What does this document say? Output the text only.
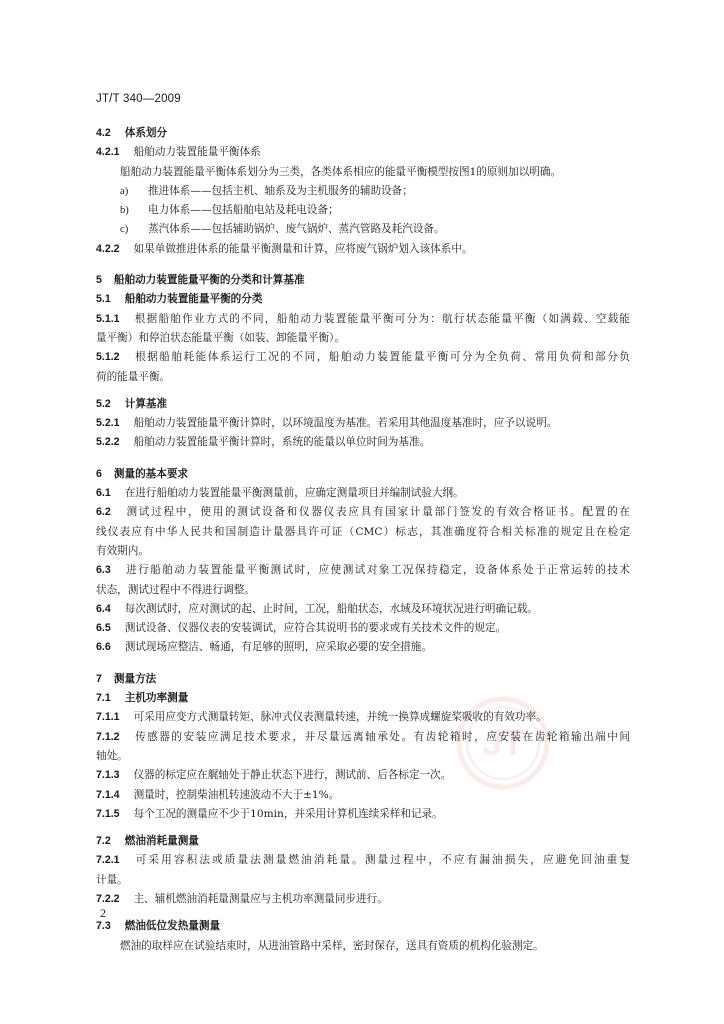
JT/T 340—2009
JT
4.2 体系划分
4.2.1 船舶动力装置能量平衡体系
船舶动力装置能量平衡体系划分为三类，各类体系相应的能量平衡模型按图1的原则加以明确。
a) 推进体系——包括主机、轴系及为主机服务的辅助设备；
b) 电力体系——包括船舶电站及耗电设备；
c) 蒸汽体系——包括辅助锅炉、废气锅炉、蒸汽管路及耗汽设备。
4.2.2 如果单做推进体系的能量平衡测量和计算，应将废气锅炉划入该体系中。
5 船舶动力装置能量平衡的分类和计算基准
5.1 船舶动力装置能量平衡的分类
5.1.1 根据船舶作业方式的不同，船舶动力装置能量平衡可分为：航行状态能量平衡（如满载、空载能
量平衡）和停泊状态能量平衡（如装、卸能量平衡）。
5.1.2 根据船舶耗能体系运行工况的不同，船舶动力装置能量平衡可分为全负荷、常用负荷和部分负
荷的能量平衡。
5.2 计算基准
5.2.1 船舶动力装置能量平衡计算时，以环境温度为基准。若采用其他温度基准时，应予以说明。
5.2.2 船舶动力装置能量平衡计算时，系统的能量以单位时间为基准。
6 测量的基本要求
6.1 在进行船舶动力装置能量平衡测量前，应确定测量项目并编制试验大纲。
6.2 测试过程中，使用的测试设备和仪器仪表应具有国家计量部门签发的有效合格证书。配置的在
线仪表应有中华人民共和国制造计量器具许可证（CMC）标志，其准确度符合相关标准的规定且在检定
有效期内。
6.3 进行船舶动力装置能量平衡测试时，应使测试对象工况保持稳定，设备体系处于正常运转的技术
状态，测试过程中不得进行调整。
6.4 每次测试时，应对测试的起、止时间，工况，船舶状态，水域及环境状况进行明确记载。
6.5 测试设备、仪器仪表的安装调试，应符合其说明书的要求或有关技术文件的规定。
6.6 测试现场应整洁、畅通，有足够的照明，应采取必要的安全措施。
7 测量方法
7.1 主机功率测量
7.1.1 可采用应变方式测量转矩、脉冲式仪表测量转速，并统一换算成螺旋桨吸收的有效功率。
7.1.2 传感器的安装应满足技术要求，并尽量远离轴承处。有齿轮箱时，应安装在齿轮箱输出端中间
轴处。
7.1.3 仪器的标定应在艉轴处于静止状态下进行，测试前、后各标定一次。
7.1.4 测量时，控制柴油机转速波动不大于±1%。
7.1.5 每个工况的测量应不少于10min，并采用计算机连续采样和记录。
7.2 燃油消耗量测量
7.2.1 可采用容积法或质量法测量燃油消耗量。测量过程中，不应有漏油损失，应避免回油重复
计量。
7.2.2 主、辅机燃油消耗量测量应与主机功率测量同步进行。
7.3 燃油低位发热量测量
燃油的取样应在试验结束时，从进油管路中采样，密封保存，送具有资质的机构化验测定。
2
